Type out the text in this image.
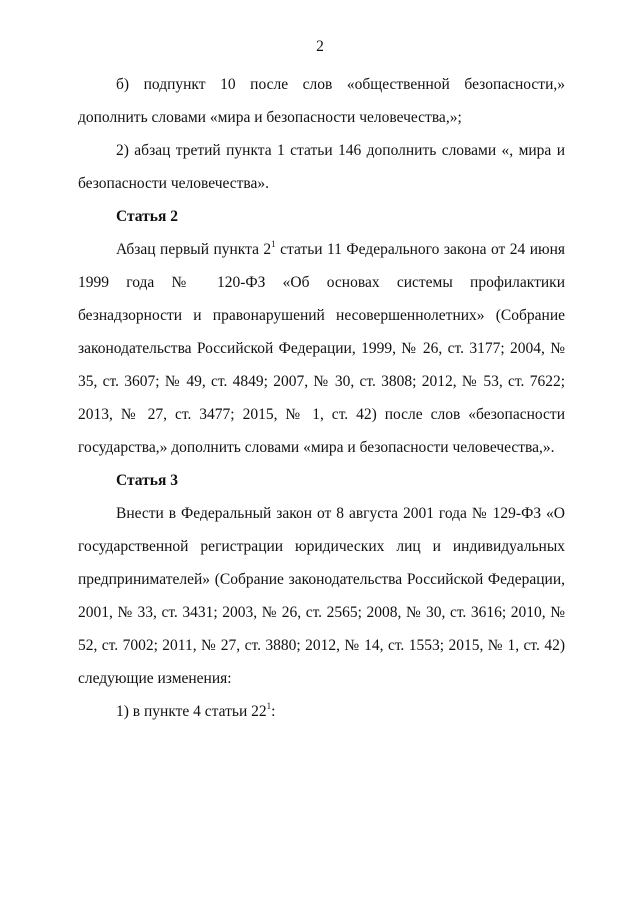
2

б) подпункт 10 после слов «общественной безопасности,» дополнить словами «мира и безопасности человечества,»;

2) абзац третий пункта 1 статьи 146 дополнить словами «, мира и безопасности человечества».

Статья 2

Абзац первый пункта $2^1$ статьи 11 Федерального закона от 24 июня 1999 года № 120-ФЗ «Об основах системы профилактики безнадзорности и правонарушений несовершеннолетних» (Собрание законодательства Российской Федерации, 1999, № 26, ст. 3177; 2004, № 35, ст. 3607; № 49, ст. 4849; 2007, № 30, ст. 3808; 2012, № 53, ст. 7622; 2013, № 27, ст. 3477; 2015, № 1, ст. 42) после слов «безопасности государства,» дополнить словами «мира и безопасности человечества,».

Статья 3

Внести в Федеральный закон от 8 августа 2001 года № 129-ФЗ «О государственной регистрации юридических лиц и индивидуальных предпринимателей» (Собрание законодательства Российской Федерации, 2001, № 33, ст. 3431; 2003, № 26, ст. 2565; 2008, № 30, ст. 3616; 2010, № 52, ст. 7002; 2011, № 27, ст. 3880; 2012, № 14, ст. 1553; 2015, № 1, ст. 42) следующие изменения:

1) в пункте 4 статьи $22^1$:
